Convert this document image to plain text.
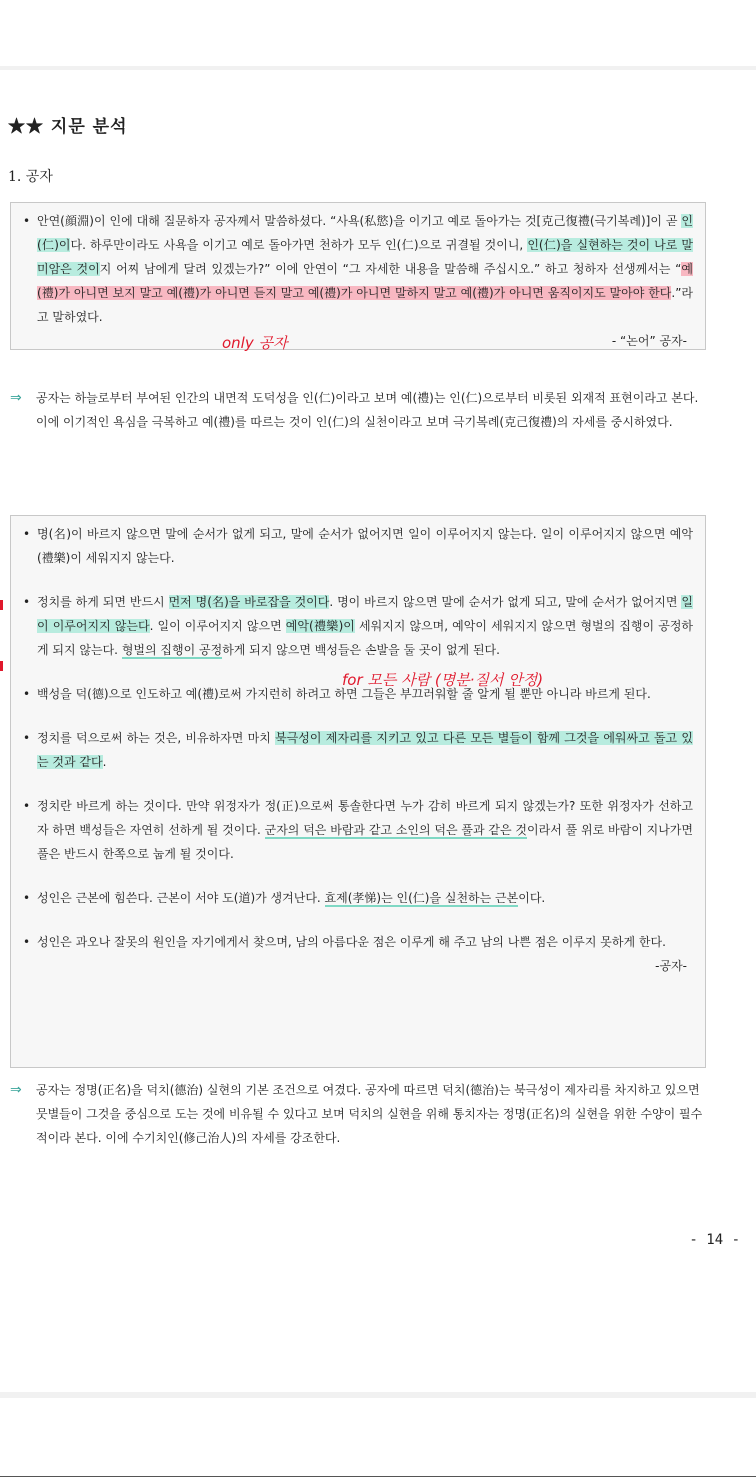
★★ 지문 분석
1. 공자
• 안연(顔淵)이 인에 대해 질문하자 공자께서 말씀하셨다. “사욕(私慾)을 이기고 예로 돌아가는 것[克己復禮(극기복례)]이 곧 인(仁)이다. 하루만이라도 사욕을 이기고 예로 돌아가면 천하가 모두 인(仁)으로 귀결될 것이니, 인(仁)을 실현하는 것이 나로 말미암은 것이지 어찌 남에게 달려 있겠는가?” 이에 안연이 “그 자세한 내용을 말씀해 주십시오.” 하고 청하자 선생께서는 “예(禮)가 아니면 보지 말고 예(禮)가 아니면 듣지 말고 예(禮)가 아니면 말하지 말고 예(禮)가 아니면 움직이지도 말아야 한다.”라고 말하였다.
- “논어” 공자-
only 공자
⇒ 공자는 하늘로부터 부여된 인간의 내면적 도덕성을 인(仁)이라고 보며 예(禮)는 인(仁)으로부터 비롯된 외재적 표현이라고 본다. 이에 이기적인 욕심을 극복하고 예(禮)를 따르는 것이 인(仁)의 실천이라고 보며 극기복례(克己復禮)의 자세를 중시하였다.
• 명(名)이 바르지 않으면 말에 순서가 없게 되고, 말에 순서가 없어지면 일이 이루어지지 않는다. 일이 이루어지지 않으면 예악(禮樂)이 세워지지 않는다.
• 정치를 하게 되면 반드시 먼저 명(名)을 바로잡을 것이다. 명이 바르지 않으면 말에 순서가 없게 되고, 말에 순서가 없어지면 일이 이루어지지 않는다. 일이 이루어지지 않으면 예악(禮樂)이 세워지지 않으며, 예악이 세워지지 않으면 형벌의 집행이 공정하게 되지 않는다. 형벌의 집행이 공정하게 되지 않으면 백성들은 손발을 둘 곳이 없게 된다.
• 백성을 덕(德)으로 인도하고 예(禮)로써 가지런히 하려고 하면 그들은 부끄러워할 줄 알게 될 뿐만 아니라 바르게 된다.
• 정치를 덕으로써 하는 것은, 비유하자면 마치 북극성이 제자리를 지키고 있고 다른 모든 별들이 함께 그것을 에워싸고 돌고 있는 것과 같다.
• 정치란 바르게 하는 것이다. 만약 위정자가 정(正)으로써 통솔한다면 누가 감히 바르게 되지 않겠는가? 또한 위정자가 선하고자 하면 백성들은 자연히 선하게 될 것이다. 군자의 덕은 바람과 같고 소인의 덕은 풀과 같은 것이라서 풀 위로 바람이 지나가면 풀은 반드시 한쪽으로 눕게 될 것이다.
• 성인은 근본에 힘쓴다. 근본이 서야 도(道)가 생겨난다. 효제(孝悌)는 인(仁)을 실천하는 근본이다.
• 성인은 과오나 잘못의 원인을 자기에게서 찾으며, 남의 아름다운 점은 이루게 해 주고 남의 나쁜 점은 이루지 못하게 한다.
-공자-
for 모든 사람 (명분·질서 안정)
⇒ 공자는 정명(正名)을 덕치(德治) 실현의 기본 조건으로 여겼다. 공자에 따르면 덕치(德治)는 북극성이 제자리를 차지하고 있으면 뭇별들이 그것을 중심으로 도는 것에 비유될 수 있다고 보며 덕치의 실현을 위해 통치자는 정명(正名)의 실현을 위한 수양이 필수적이라 본다. 이에 수기치인(修己治人)의 자세를 강조한다.
- 14 -
